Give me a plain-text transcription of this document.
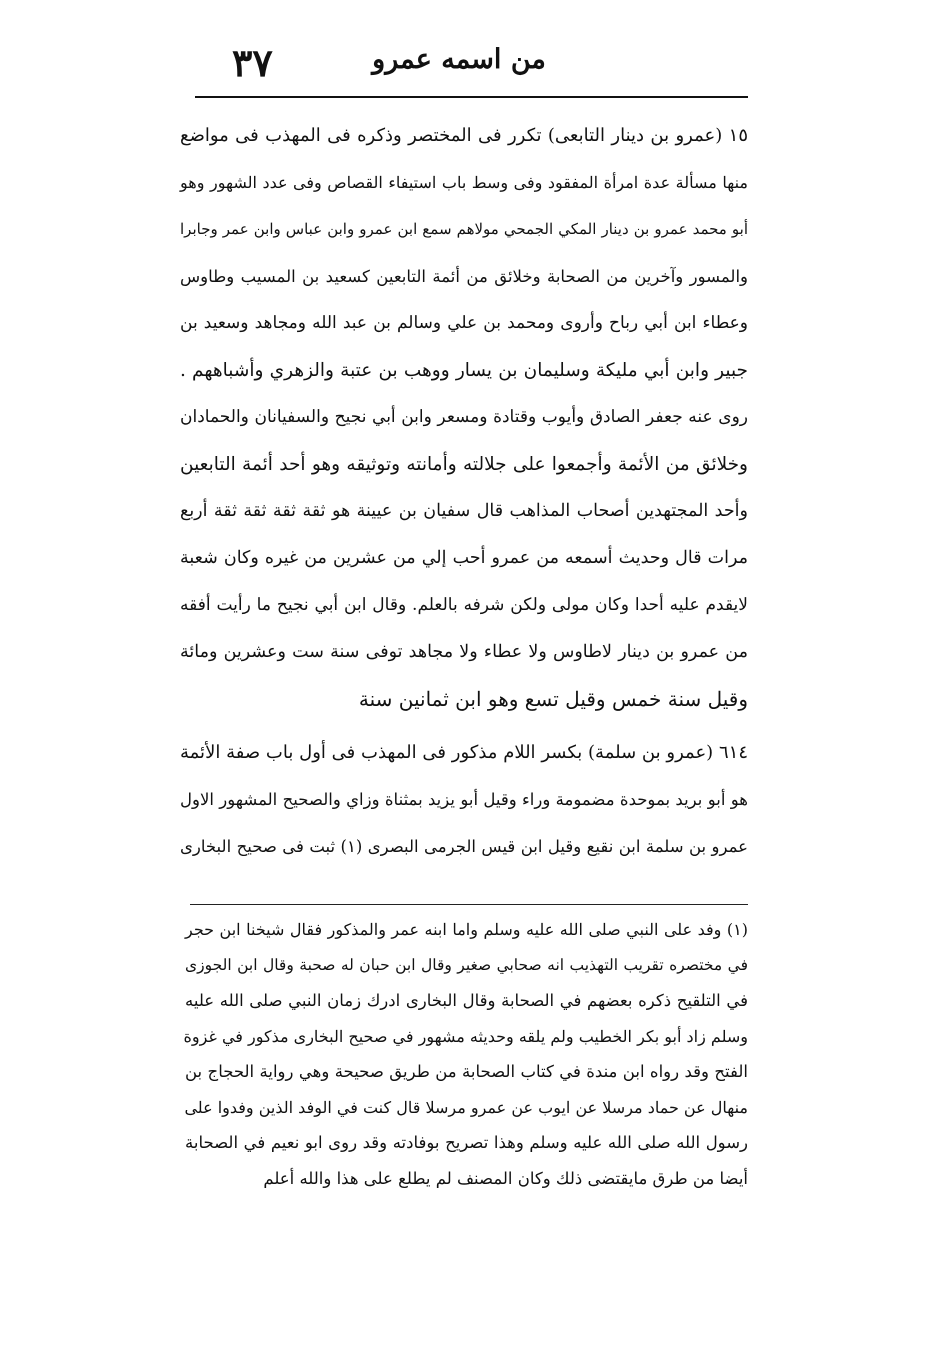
٣٧	من اسمه عمرو
١٥ (عمرو بن دينار التابعى) تكرر فى المختصر وذكره فى المهذب فى مواضع
منها مسألة عدة امرأة المفقود وفى وسط باب استيفاء القصاص وفى عدد الشهور وهو
أبو محمد عمرو بن دينار المكي الجمحي مولاهم سمع ابن عمرو وابن عباس وابن عمر وجابرا
والمسور وآخرين من الصحابة وخلائق من أئمة التابعين كسعيد بن المسيب وطاوس
وعطاء ابن أبي رباح وأروى ومحمد بن علي وسالم بن عبد الله ومجاهد وسعيد بن
جبير وابن أبي مليكة وسليمان بن يسار ووهب بن عتبة والزهري وأشباههم .
روى عنه جعفر الصادق وأيوب وقتادة ومسعر وابن أبي نجيح والسفيانان والحمادان
وخلائق من الأئمة وأجمعوا على جلالته وأمانته وتوثيقه وهو أحد أئمة التابعين
وأحد المجتهدين أصحاب المذاهب قال سفيان بن عيينة هو ثقة ثقة ثقة ثقة أربع
مرات قال وحديث أسمعه من عمرو أحب إلي من عشرين من غيره وكان شعبة
لايقدم عليه أحدا وكان مولى ولكن شرفه بالعلم. وقال ابن أبي نجيح ما رأيت أفقه
من عمرو بن دينار لاطاوس ولا عطاء ولا مجاهد توفى سنة ست وعشرين ومائة
وقيل سنة خمس وقيل تسع وهو ابن ثمانين سنة
٦١٤ (عمرو بن سلمة) بكسر اللام مذكور فى المهذب فى أول باب صفة الأئمة
هو أبو بريد بموحدة مضمومة وراء وقيل أبو يزيد بمثناة وزاي والصحيح المشهور الاول
عمرو بن سلمة ابن نقيع وقيل ابن قيس الجرمى البصرى (١) ثبت فى صحيح البخارى
(١) وفد على النبي صلى الله عليه وسلم واما ابنه عمر والمذكور فقال شيخنا ابن حجر
في مختصره تقريب التهذيب انه صحابي صغير وقال ابن حبان له صحبة وقال ابن الجوزى
في التلقيح ذكره بعضهم في الصحابة وقال البخارى ادرك زمان النبي صلى الله عليه
وسلم زاد أبو بكر الخطيب ولم يلقه وحديثه مشهور في صحيح البخارى مذكور في غزوة
الفتح وقد رواه ابن مندة في كتاب الصحابة من طريق صحيحة وهي رواية الحجاج بن
منهال عن حماد مرسلا عن ايوب عن عمرو مرسلا قال كنت في الوفد الذين وفدوا على
رسول الله صلى الله عليه وسلم وهذا تصريح بوفادته وقد روى ابو نعيم في الصحابة
أيضا من طرق مايقتضى ذلك وكان المصنف لم يطلع على هذا والله أعلم
